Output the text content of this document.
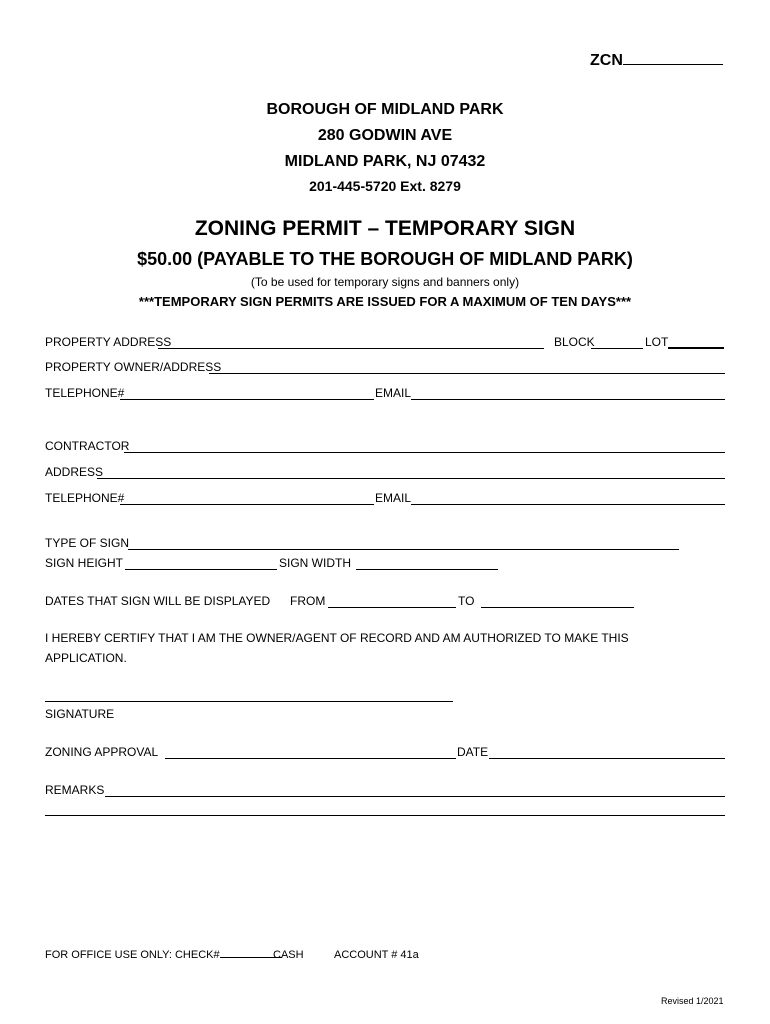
ZCN
BOROUGH OF MIDLAND PARK
280 GODWIN AVE
MIDLAND PARK, NJ 07432
201-445-5720 Ext. 8279
ZONING PERMIT – TEMPORARY SIGN
$50.00 (PAYABLE TO THE BOROUGH OF MIDLAND PARK)
(To be used for temporary signs and banners only)
***TEMPORARY SIGN PERMITS ARE ISSUED FOR A MAXIMUM OF TEN DAYS***
PROPERTY ADDRESS	BLOCK	LOT
PROPERTY OWNER/ADDRESS
TELEPHONE#	EMAIL
CONTRACTOR
ADDRESS
TELEPHONE#	EMAIL
TYPE OF SIGN
SIGN HEIGHT	SIGN WIDTH
DATES THAT SIGN WILL BE DISPLAYED FROM	TO
I HEREBY CERTIFY THAT I AM THE OWNER/AGENT OF RECORD AND AM AUTHORIZED TO MAKE THIS
APPLICATION.
SIGNATURE
ZONING APPROVAL	DATE
REMARKS
FOR OFFICE USE ONLY: CHECK#	CASH	ACCOUNT # 41a
Revised 1/2021
